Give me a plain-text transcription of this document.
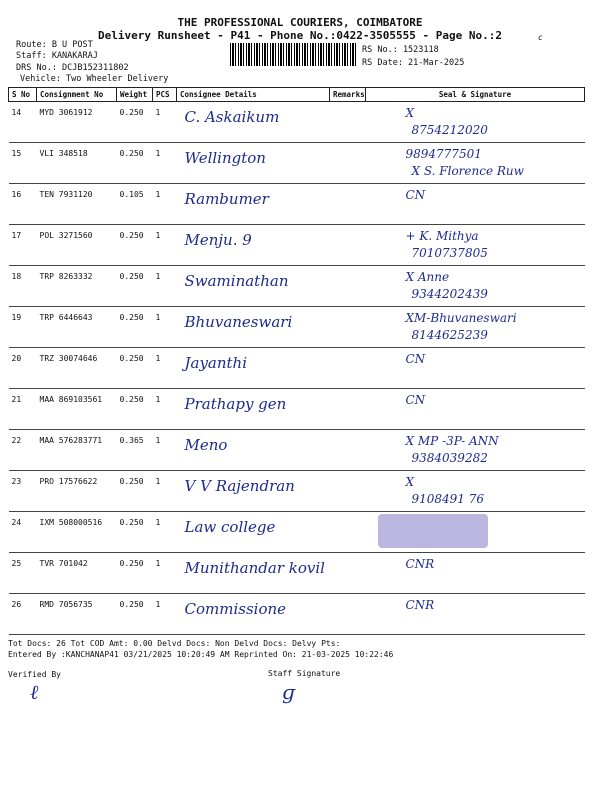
THE PROFESSIONAL COURIERS, COIMBATORE
Delivery Runsheet - P41 - Phone No.:0422-3505555 - Page No.:2	c
Route: B U POST
Staff: KANAKARAJ
DRS No.: DCJB152311802
Vehicle: Two Wheeler Delivery
RS No.: 1523118
RS Date: 21-Mar-2025
S No	Consignment No	Weight	PCS	Consignee Details	Remarks	Seal & Signature

14	MYD 3061912	0.250	1	C. Askaikum		X
8754212020

15	VLI 348518	0.250	1	Wellington		9894777501
X S. Florence Ruw

16	TEN 7931120	0.105	1	Rambumer		CN

17	POL 3271560	0.250	1	Menju. 9		+ K. Mithya
7010737805

18	TRP 8263332	0.250	1	Swaminathan		X Anne
9344202439

19	TRP 6446643	0.250	1	Bhuvaneswari		XM-Bhuvaneswari
8144625239

20	TRZ 30074646	0.250	1	Jayanthi		CN

21	MAA 869103561	0.250	1	Prathapy gen		CN

22	MAA 576283771	0.365	1	Meno		X MP -3P- ANN
9384039282

23	PRO 17576622	0.250	1	V V Rajendran		X
9108491 76

24	IXM 508000516	0.250	1	Law college		

25	TVR 701042	0.250	1	Munithandar kovil		CNR

26	RMD 7056735	0.250	1	Commissione		CNR
Tot Docs: 26 Tot COD Amt: 0.00 Delvd Docs: Non Delvd Docs: Delvy Pts:
Entered By :KANCHANAP41 03/21/2025 10:20:49 AM Reprinted On: 21-03-2025 10:22:46
Verified By	Staff Signature
ℓ	ɡ
